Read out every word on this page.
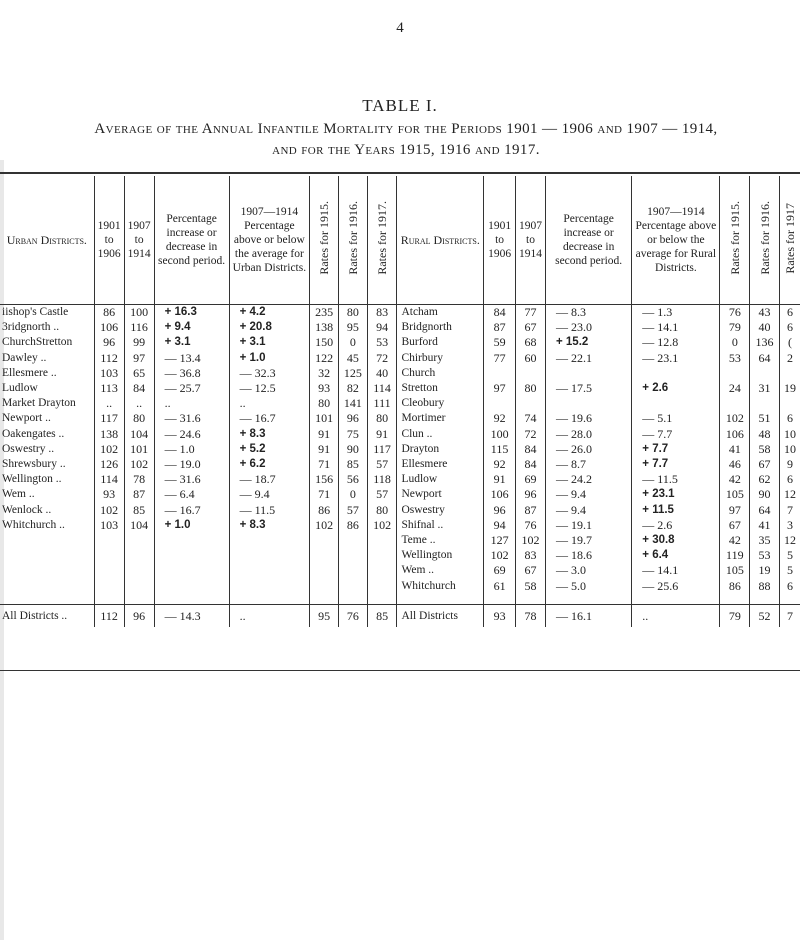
4
TABLE I.
Average of the Annual Infantile Mortality for the Periods 1901 — 1906 and 1907 — 1914,
and for the Years 1915, 1916 and 1917.
Urban Districts.	1901 to 1906	1907 to 1914	Percentage increase or decrease in second period.	1907—1914 Percentage above or below the average for Urban Districts.	Rates for 1915.	Rates for 1916.	Rates for 1917.	Rural Districts.	1901 to 1906	1907 to 1914	Percentage increase or decrease in second period.	1907—1914 Percentage above or below the average for Rural Districts.	Rates for 1915.	Rates for 1916.	Rates for 1917
iishop's Castle	86	100	+ 16.3	+ 4.2	235	80	83	Atcham	84	77	— 8.3	— 1.3	76	43	6
3ridgnorth ..	106	116	+ 9.4	+ 20.8	138	95	94	Bridgnorth	87	67	— 23.0	— 14.1	79	40	6
ChurchStretton	96	99	+ 3.1	+ 3.1	150	0	53	Burford	59	68	+ 15.2	— 12.8	0	136	(
Dawley ..	112	97	— 13.4	+ 1.0	122	45	72	Chirbury	77	60	— 22.1	— 23.1	53	64	2
Ellesmere ..	103	65	— 36.8	— 32.3	32	125	40	Church							
Ludlow	113	84	— 25.7	— 12.5	93	82	114	Stretton	97	80	— 17.5	+ 2.6	24	31	19
Market Drayton	..	..	..	..	80	141	111	Cleobury							
Newport ..	117	80	— 31.6	— 16.7	101	96	80	Mortimer	92	74	— 19.6	— 5.1	102	51	6
Oakengates ..	138	104	— 24.6	+ 8.3	91	75	91	Clun ..	100	72	— 28.0	— 7.7	106	48	10
Oswestry ..	102	101	— 1.0	+ 5.2	91	90	117	Drayton	115	84	— 26.0	+ 7.7	41	58	10
Shrewsbury ..	126	102	— 19.0	+ 6.2	71	85	57	Ellesmere	92	84	— 8.7	+ 7.7	46	67	9
Wellington ..	114	78	— 31.6	— 18.7	156	56	118	Ludlow	91	69	— 24.2	— 11.5	42	62	6
Wem ..	93	87	— 6.4	— 9.4	71	0	57	Newport	106	96	— 9.4	+ 23.1	105	90	12
Wenlock ..	102	85	— 16.7	— 11.5	86	57	80	Oswestry	96	87	— 9.4	+ 11.5	97	64	7
Whitchurch ..	103	104	+ 1.0	+ 8.3	102	86	102	Shifnal ..	94	76	— 19.1	— 2.6	67	41	3
								Teme ..	127	102	— 19.7	+ 30.8	42	35	12
								Wellington	102	83	— 18.6	+ 6.4	119	53	5
								Wem ..	69	67	— 3.0	— 14.1	105	19	5
								Whitchurch	61	58	— 5.0	— 25.6	86	88	6

All Districts ..	112	96	— 14.3	..	95	76	85	All Districts	93	78	— 16.1	..	79	52	7
